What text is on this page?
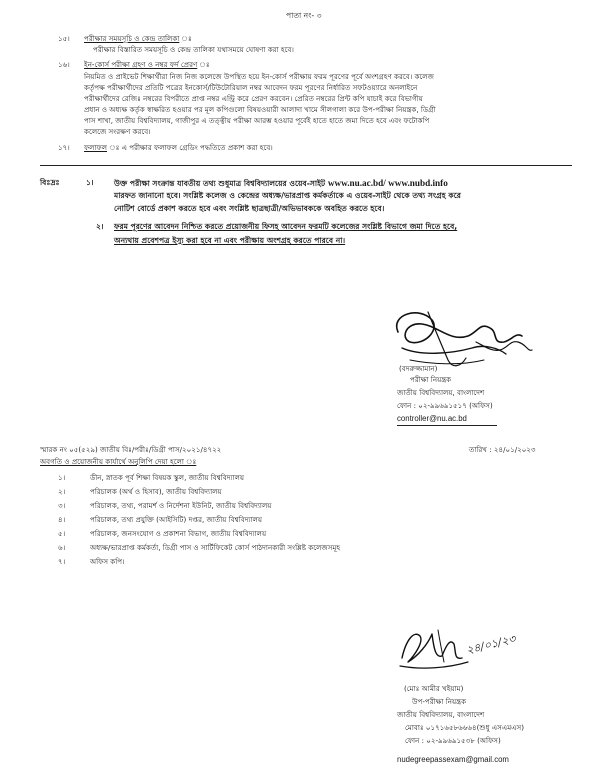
পাতা নং- ৩
১৫। পরীক্ষার সময়সূচি ও কেন্দ্র তালিকা ঃ
পরীক্ষার বিস্তারিত সময়সূচি ও কেন্দ্র তালিকা যথাসময়ে ঘোষণা করা হবে।
১৬। ইন-কোর্স পরীক্ষা গ্রহণ ও নম্বর ফর্দ প্রেরণ ঃ
নিয়মিত ও প্রাইভেট শিক্ষার্থীরা নিজ নিজ কলেজে উপস্থিত হয়ে ইন-কোর্স পরীক্ষায় ফরম পূরণের পূর্বে অংশগ্রহণ করবে। কলেজ
কর্তৃপক্ষ পরীক্ষার্থীদের প্রতিটি পত্রের ইনকোর্স/টিউটোরিয়াল নম্বর আবেদন ফরম পূরণের নির্ধারিত সফটওয়্যারে অনলাইনে
পরীক্ষার্থীদের রেজিঃ নম্বরের বিপরীতে প্রাপ্ত নম্বর এন্ট্রি করে প্রেরণ করবেন। প্রেরিত নম্বরের প্রিন্ট কপি যাচাই করে বিভাগীয়
প্রধান ও অধ্যক্ষ কর্তৃক স্বাক্ষরিত হওয়ার পর মূল কপিগুলো বিষয়ওয়ারী আলাদা খামে সীলগালা করে উপ-পরীক্ষা নিয়ন্ত্রক, ডিগ্রী
পাস শাখা, জাতীয় বিশ্ববিদ্যালয়, গাজীপুর এ তত্ত্বীয় পরীক্ষা আরম্ভ হওয়ার পূর্বেই হাতে হাতে জমা দিতে হবে এবং ফটোকপি
কলেজে সংরক্ষণ করবে।
১৭। ফলাফল ঃ এ পরীক্ষার ফলাফল গ্রেডিং পদ্ধতিতে প্রকাশ করা হবে।
বিঃদ্রঃ	১।	উক্ত পরীক্ষা সংক্রান্ত যাবতীয় তথ্য শুধুমাত্র বিশ্ববিদ্যালয়ের ওয়েব-সাইট www.nu.ac.bd/ www.nubd.info
মারফত জানানো হবে। সংশ্লিষ্ট কলেজ ও কেন্দ্রের অধ্যক্ষ/ভারপ্রাপ্ত কর্মকর্তাকে এ ওয়েব-সাইট থেকে তথ্য সংগ্রহ করে
নোটিশ বোর্ডে প্রকাশ করতে হবে এবং সংশ্লিষ্ট ছাত্রছাত্রী/অভিভাবককে অবহিত করতে হবে।
২। ফরম পূরণের আবেদন নিশ্চিত করতে প্রয়োজনীয় ফিসহ আবেদন ফরমটি কলেজের সংশ্লিষ্ট বিভাগে জমা দিতে হবে,
অন্যথায় প্রবেশপত্র ইস্যু করা হবে না এবং পরীক্ষায় অংশগ্রহ করতে পারবে না।
(বদরুজ্জামান)
পরীক্ষা নিয়ন্ত্রক
জাতীয় বিশ্ববিদ্যালয়, বাংলাদেশ
ফোন : ০২-৯৯৬৯১৫১৭ (অফিস)
controller@nu.ac.bd
স্মারক নং ০৫(৫২৯) জাতীয় বিঃ/পরীঃ/ডিগ্রী পাস/২০২১/৪৭২২	তারিখ : ২৪/০১/২০২৩
অবগতি ও প্রয়োজনীয় কার্যার্থে অনুলিপি দেয়া হলো ঃ
১।	ডীন, স্নাতক পূর্ব শিক্ষা বিষয়ক স্কুল, জাতীয় বিশ্ববিদ্যালয়
২।	পরিচালক (অর্থ ও হিসাব), জাতীয় বিশ্ববিদ্যালয়
৩।	পরিচালক, তথ্য, পরামর্শ ও নির্দেশনা ইউনিট, জাতীয় বিশ্ববিদ্যালয়
৪।	পরিচালক, তথ্য প্রযুক্তি (আইসিটি) দপ্তর, জাতীয় বিশ্ববিদ্যালয়
৫।	পরিচালক, জনসংযোগ ও প্রকাশনা বিভাগ, জাতীয় বিশ্ববিদ্যালয়
৬।	অধ্যক্ষ/ভারপ্রাপ্ত কর্মকর্তা, ডিগ্রী পাস ও সার্টিফিকেট কোর্স পাঠদানকারী সংশ্লিষ্ট কলেজসমূহ
৭।	অফিস কপি।
২৪/০১/২৩
(মোঃ আমীর খইয়াম)
উপ-পরীক্ষা নিয়ন্ত্রক
জাতীয় বিশ্ববিদ্যালয়, বাংলাদেশ
মোবাঃ ০১৭১৬৫৮৬৬৬৪(শুধু এসএমএস)
ফোন : ০২-৯৯৬৯১৫৩৮ (অফিস)
nudegreepassexam@gmail.com
